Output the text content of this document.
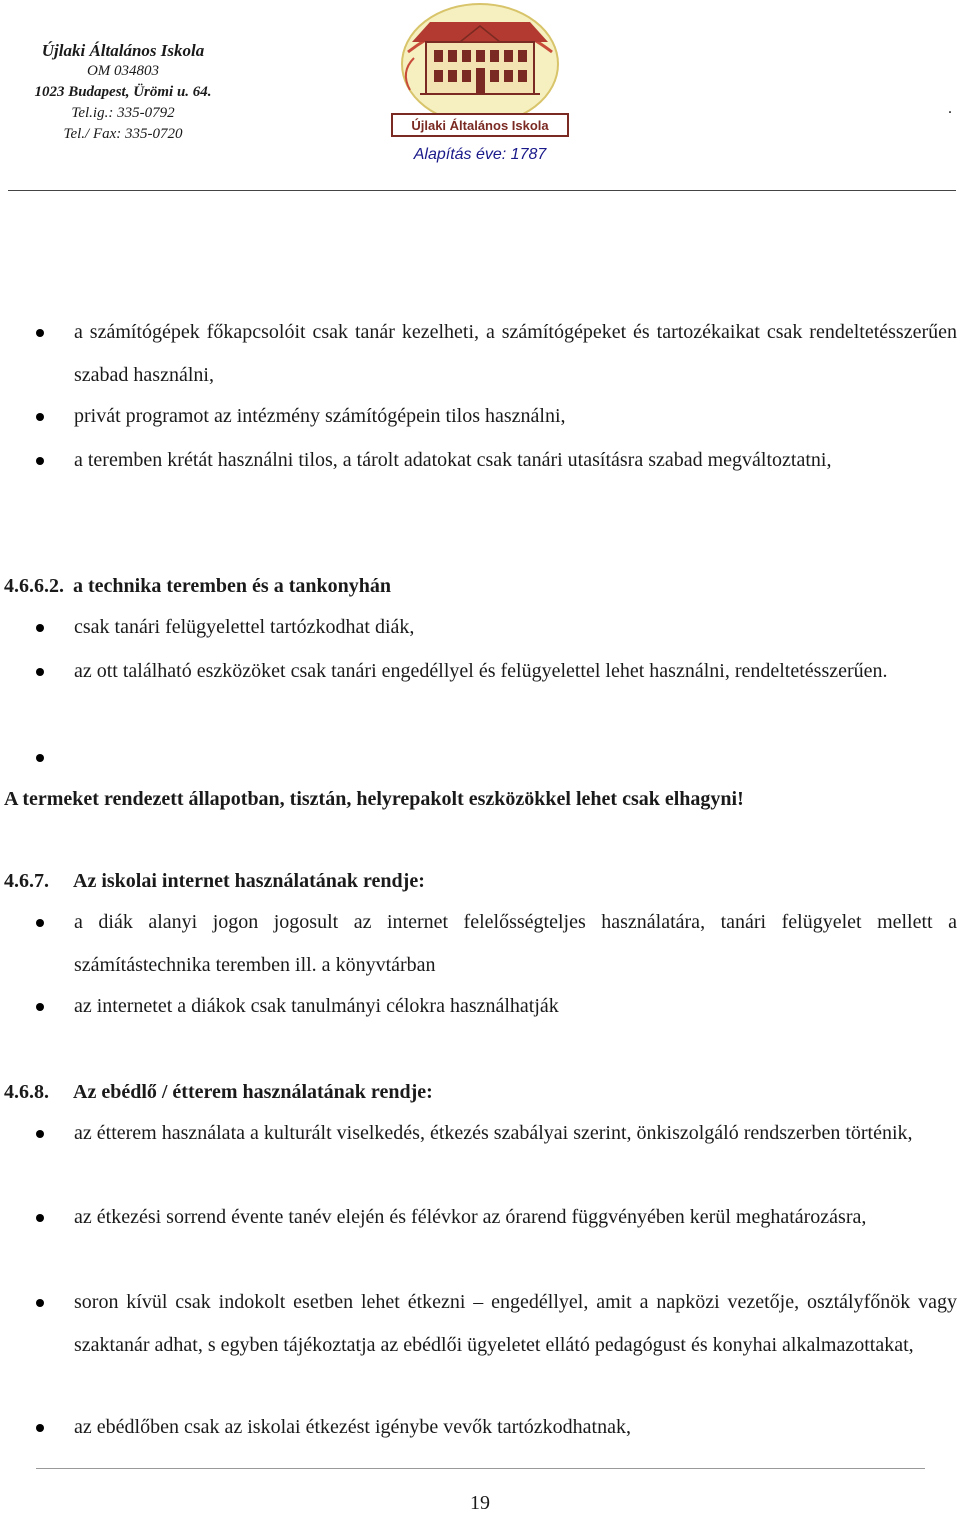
Újlaki Általános Iskola
OM 034803
1023 Budapest, Ürömi u. 64.
Tel.ig.: 335-0792
Tel./ Fax: 335-0720
Újlaki Általános Iskola
Alapítás éve: 1787
.
a számítógépek főkapcsolóit csak tanár kezelheti, a számítógépeket és tartozékaikat csak rendeltetésszerűen szabad használni,
privát programot az intézmény számítógépein tilos használni,
a teremben krétát használni tilos, a tárolt adatokat csak tanári utasításra szabad megváltoztatni,
4.6.6.2. a technika teremben és a tankonyhán
csak tanári felügyelettel tartózkodhat diák,
az ott található eszközöket csak tanári engedéllyel és felügyelettel lehet használni, rendeltetésszerűen.
A termeket rendezett állapotban, tisztán, helyrepakolt eszközökkel lehet csak elhagyni!
4.6.7. Az iskolai internet használatának rendje:
a diák alanyi jogon jogosult az internet felelősségteljes használatára, tanári felügyelet mellett a számítástechnika teremben ill. a könyvtárban
az internetet a diákok csak tanulmányi célokra használhatják
4.6.8. Az ebédlő / étterem használatának rendje:
az étterem használata a kulturált viselkedés, étkezés szabályai szerint, önkiszolgáló rendszerben történik,
az étkezési sorrend évente tanév elején és félévkor az órarend függvényében kerül meghatározásra,
soron kívül csak indokolt esetben lehet étkezni – engedéllyel, amit a napközi vezetője, osztályfőnök vagy szaktanár adhat, s egyben tájékoztatja az ebédlői ügyeletet ellátó pedagógust és konyhai alkalmazottakat,
az ebédlőben csak az iskolai étkezést igénybe vevők tartózkodhatnak,
19
